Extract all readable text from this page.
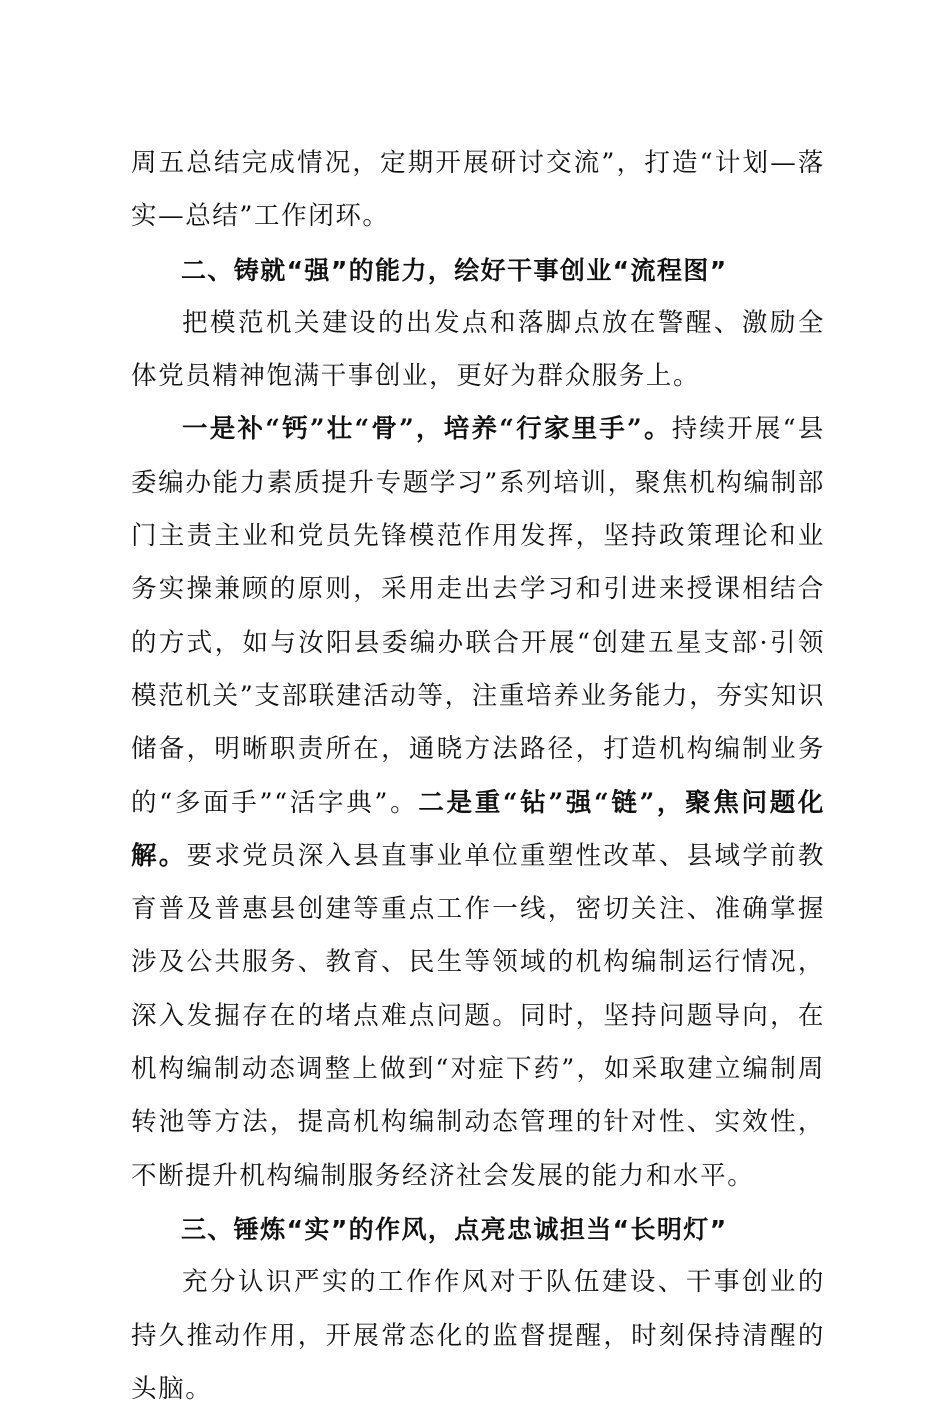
周五总结完成情况，定期开展研讨交流”，打造“计划—落实—总结”工作闭环。

二、铸就“强”的能力，绘好干事创业“流程图”

把模范机关建设的出发点和落脚点放在警醒、激励全体党员精神饱满干事创业，更好为群众服务上。

一是补“钙”壮“骨”，培养“行家里手”。持续开展“县委编办能力素质提升专题学习”系列培训，聚焦机构编制部门主责主业和党员先锋模范作用发挥，坚持政策理论和业务实操兼顾的原则，采用走出去学习和引进来授课相结合的方式，如与汝阳县委编办联合开展“创建五星支部·引领模范机关”支部联建活动等，注重培养业务能力，夯实知识储备，明晰职责所在，通晓方法路径，打造机构编制业务的“多面手”“活字典”。二是重“钻”强“链”，聚焦问题化解。要求党员深入县直事业单位重塑性改革、县域学前教育普及普惠县创建等重点工作一线，密切关注、准确掌握涉及公共服务、教育、民生等领域的机构编制运行情况，深入发掘存在的堵点难点问题。同时，坚持问题导向，在机构编制动态调整上做到“对症下药”，如采取建立编制周转池等方法，提高机构编制动态管理的针对性、实效性，不断提升机构编制服务经济社会发展的能力和水平。

三、锤炼“实”的作风，点亮忠诚担当“长明灯”

充分认识严实的工作作风对于队伍建设、干事创业的持久推动作用，开展常态化的监督提醒，时刻保持清醒的头脑。
